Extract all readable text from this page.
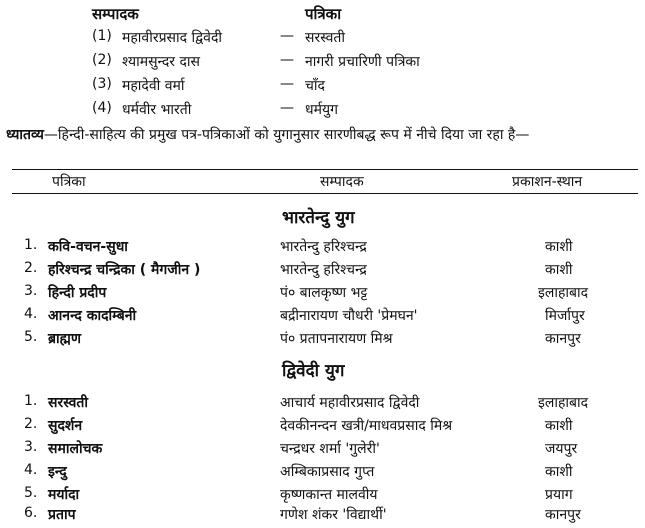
सम्पादक	पत्रिका
(1) महावीरप्रसाद द्विवेदी	— सरस्वती
(2) श्यामसुन्दर दास	— नागरी प्रचारिणी पत्रिका
(3) महादेवी वर्मा	— चाँद
(4) धर्मवीर भारती	— धर्मयुग
ध्यातव्य—हिन्दी-साहित्य की प्रमुख पत्र-पत्रिकाओं को युगानुसार सारणीबद्ध रूप में नीचे दिया जा रहा है—
पत्रिका	सम्पादक	प्रकाशन-स्थान
भारतेन्दु युग
1. कवि-वचन-सुधा	भारतेन्दु हरिश्चन्द्र	काशी
2. हरिश्चन्द्र चन्द्रिका ( मैगजीन )	भारतेन्दु हरिश्चन्द्र	काशी
3. हिन्दी प्रदीप	पं० बालकृष्ण भट्ट	इलाहाबाद
4. आनन्द कादम्बिनी	बद्रीनारायण चौधरी 'प्रेमघन'	मिर्जापुर
5. ब्राह्मण	पं० प्रतापनारायण मिश्र	कानपुर
द्विवेदी युग
1. सरस्वती	आचार्य महावीरप्रसाद द्विवेदी	इलाहाबाद
2. सुदर्शन	देवकीनन्दन खत्री/माधवप्रसाद मिश्र	काशी
3. समालोचक	चन्द्रधर शर्मा 'गुलेरी'	जयपुर
4. इन्दु	अम्बिकाप्रसाद गुप्त	काशी
5. मर्यादा	कृष्णकान्त मालवीय	प्रयाग
6. प्रताप	गणेश शंकर 'विद्यार्थी'	कानपुर
